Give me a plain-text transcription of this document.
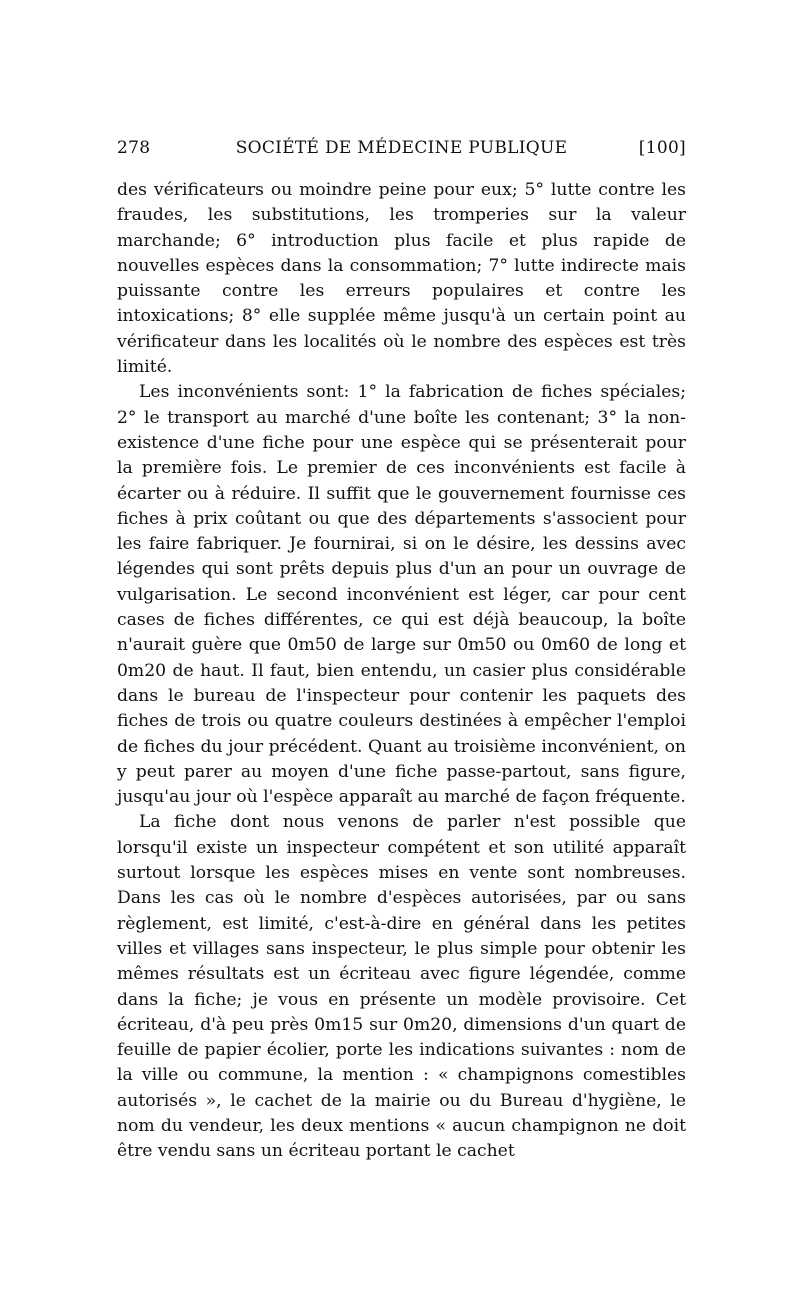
278	SOCIÉTÉ DE MÉDECINE PUBLIQUE	[100]

des vérificateurs ou moindre peine pour eux; 5° lutte contre les fraudes, les substitutions, les tromperies sur la valeur marchande; 6° introduction plus facile et plus rapide de nouvelles espèces dans la consommation; 7° lutte indirecte mais puissante contre les erreurs populaires et contre les intoxications; 8° elle supplée même jusqu'à un certain point au vérificateur dans les localités où le nombre des espèces est très limité.

Les inconvénients sont: 1° la fabrication de fiches spéciales; 2° le transport au marché d'une boîte les contenant; 3° la non-existence d'une fiche pour une espèce qui se présenterait pour la première fois. Le premier de ces inconvénients est facile à écarter ou à réduire. Il suffit que le gouvernement fournisse ces fiches à prix coûtant ou que des départements s'associent pour les faire fabriquer. Je fournirai, si on le désire, les dessins avec légendes qui sont prêts depuis plus d'un an pour un ouvrage de vulgarisation. Le second inconvénient est léger, car pour cent cases de fiches différentes, ce qui est déjà beaucoup, la boîte n'aurait guère que 0m50 de large sur 0m50 ou 0m60 de long et 0m20 de haut. Il faut, bien entendu, un casier plus considérable dans le bureau de l'inspecteur pour contenir les paquets des fiches de trois ou quatre couleurs destinées à empêcher l'emploi de fiches du jour précédent. Quant au troisième inconvénient, on y peut parer au moyen d'une fiche passe-partout, sans figure, jusqu'au jour où l'espèce apparaît au marché de façon fréquente.

La fiche dont nous venons de parler n'est possible que lorsqu'il existe un inspecteur compétent et son utilité apparaît surtout lorsque les espèces mises en vente sont nombreuses. Dans les cas où le nombre d'espèces autorisées, par ou sans règlement, est limité, c'est-à-dire en général dans les petites villes et villages sans inspecteur, le plus simple pour obtenir les mêmes résultats est un écriteau avec figure légendée, comme dans la fiche; je vous en présente un modèle provisoire. Cet écriteau, d'à peu près 0m15 sur 0m20, dimensions d'un quart de feuille de papier écolier, porte les indications suivantes : nom de la ville ou commune, la mention : « champignons comestibles autorisés », le cachet de la mairie ou du Bureau d'hygiène, le nom du vendeur, les deux mentions « aucun champignon ne doit être vendu sans un écriteau portant le cachet
